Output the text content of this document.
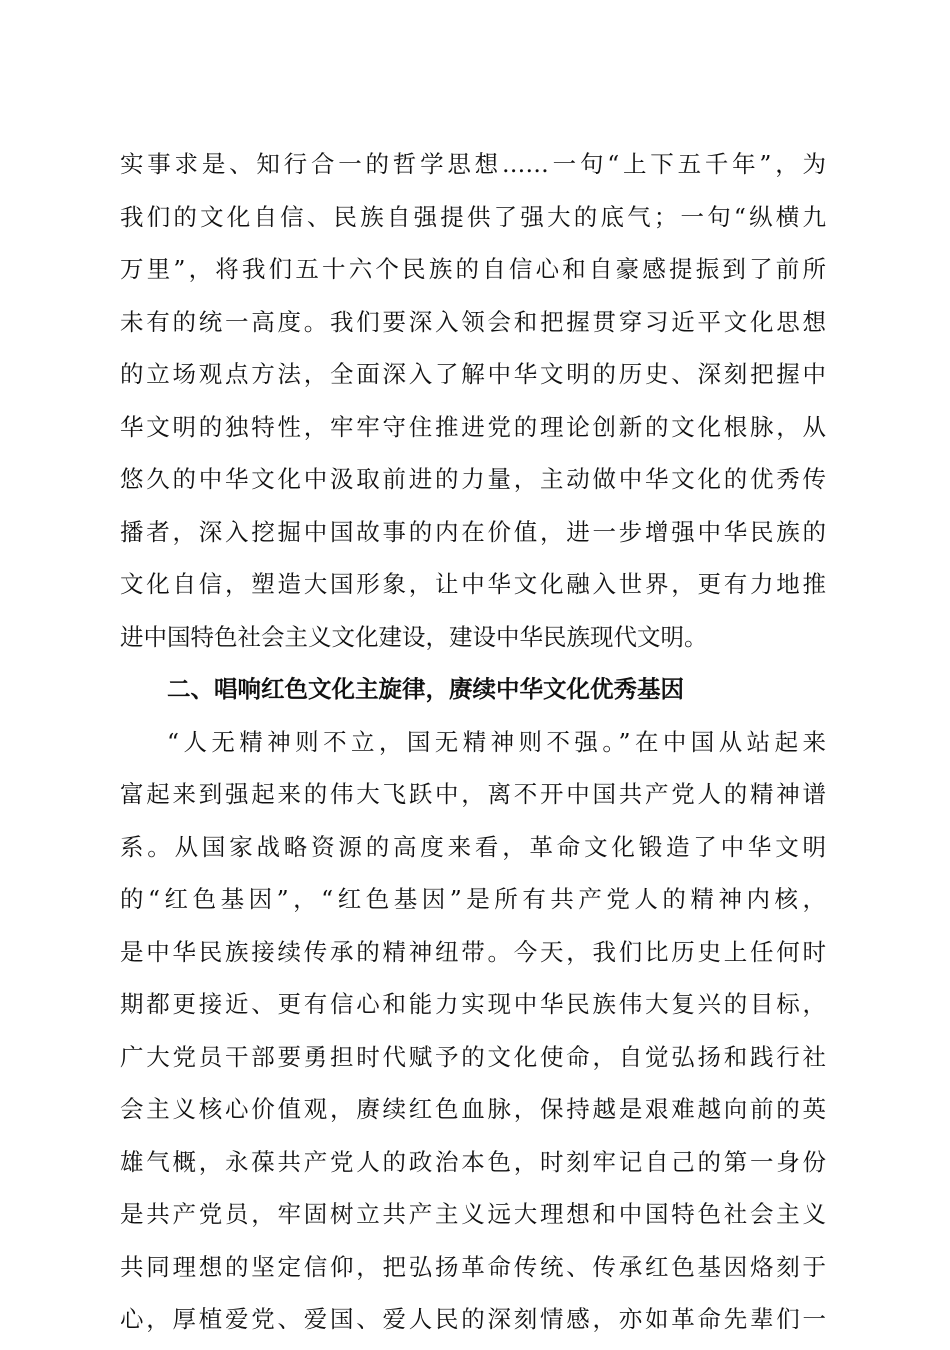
实事求是、知行合一的哲学思想……一句“上下五千年”，为
我们的文化自信、民族自强提供了强大的底气；一句“纵横九
万里”，将我们五十六个民族的自信心和自豪感提振到了前所
未有的统一高度。我们要深入领会和把握贯穿习近平文化思想
的立场观点方法，全面深入了解中华文明的历史、深刻把握中
华文明的独特性，牢牢守住推进党的理论创新的文化根脉，从
悠久的中华文化中汲取前进的力量，主动做中华文化的优秀传
播者，深入挖掘中国故事的内在价值，进一步增强中华民族的
文化自信，塑造大国形象，让中华文化融入世界，更有力地推
进中国特色社会主义文化建设，建设中华民族现代文明。
二、唱响红色文化主旋律，赓续中华文化优秀基因
“人无精神则不立，国无精神则不强。”在中国从站起来
富起来到强起来的伟大飞跃中，离不开中国共产党人的精神谱
系。从国家战略资源的高度来看，革命文化锻造了中华文明
的“红色基因”，“红色基因”是所有共产党人的精神内核，
是中华民族接续传承的精神纽带。今天，我们比历史上任何时
期都更接近、更有信心和能力实现中华民族伟大复兴的目标，
广大党员干部要勇担时代赋予的文化使命，自觉弘扬和践行社
会主义核心价值观，赓续红色血脉，保持越是艰难越向前的英
雄气概，永葆共产党人的政治本色，时刻牢记自己的第一身份
是共产党员，牢固树立共产主义远大理想和中国特色社会主义
共同理想的坚定信仰，把弘扬革命传统、传承红色基因烙刻于
心，厚植爱党、爱国、爱人民的深刻情感，亦如革命先辈们一
